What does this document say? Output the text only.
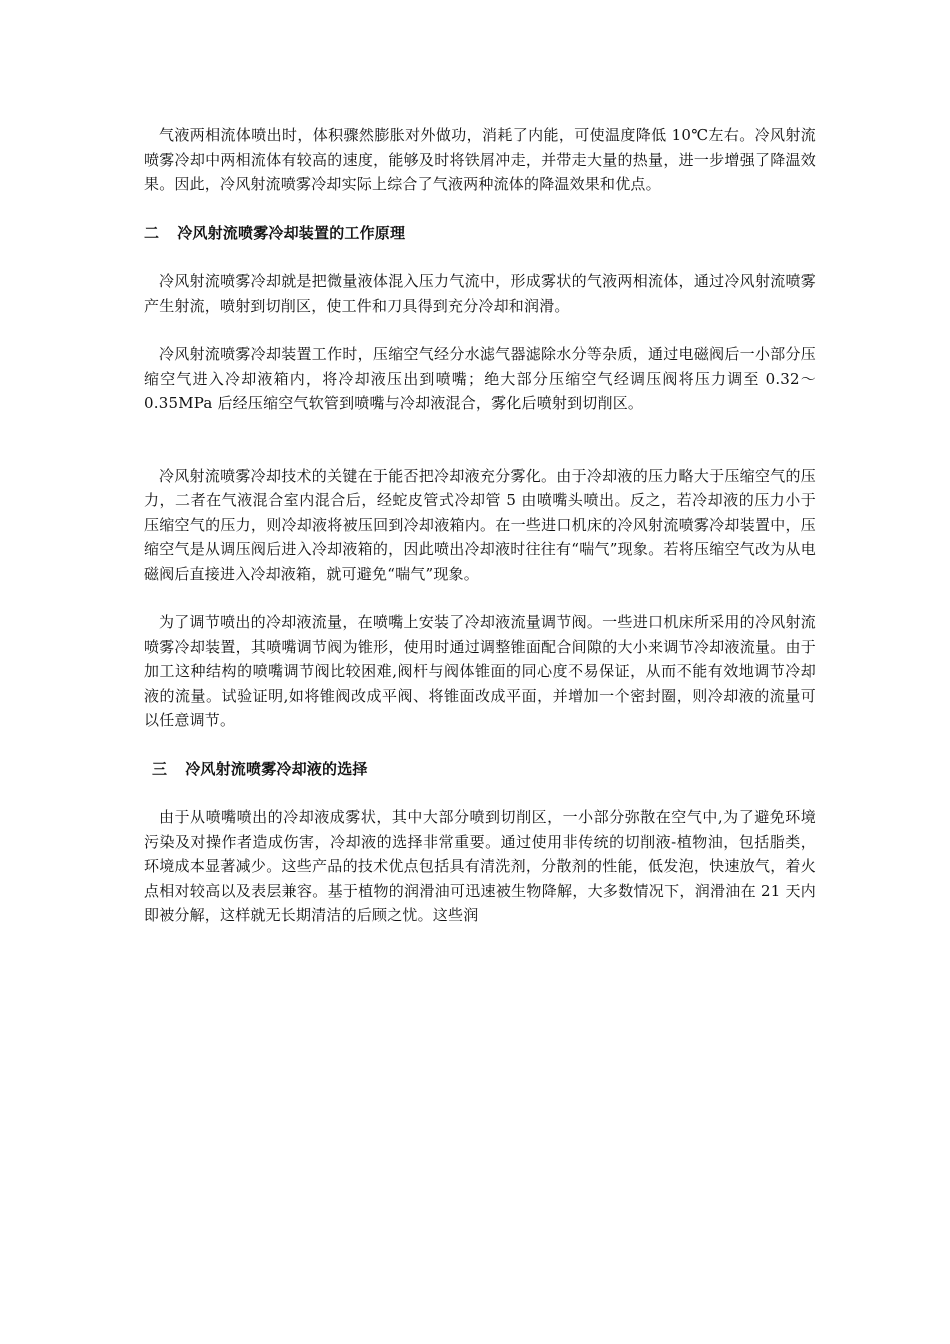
气液两相流体喷出时，体积骤然膨胀对外做功，消耗了内能，可使温度降低 10℃左右。冷风射流喷雾冷却中两相流体有较高的速度，能够及时将铁屑冲走，并带走大量的热量，进一步增强了降温效果。因此，冷风射流喷雾冷却实际上综合了气液两种流体的降温效果和优点。

二 冷风射流喷雾冷却装置的工作原理

冷风射流喷雾冷却就是把微量液体混入压力气流中，形成雾状的气液两相流体，通过冷风射流喷雾产生射流，喷射到切削区，使工件和刀具得到充分冷却和润滑。

冷风射流喷雾冷却装置工作时，压缩空气经分水滤气器滤除水分等杂质，通过电磁阀后一小部分压缩空气进入冷却液箱内，将冷却液压出到喷嘴；绝大部分压缩空气经调压阀将压力调至 0.32～0.35MPa 后经压缩空气软管到喷嘴与冷却液混合，雾化后喷射到切削区。

冷风射流喷雾冷却技术的关键在于能否把冷却液充分雾化。由于冷却液的压力略大于压缩空气的压力，二者在气液混合室内混合后，经蛇皮管式冷却管 5 由喷嘴头喷出。反之，若冷却液的压力小于压缩空气的压力，则冷却液将被压回到冷却液箱内。在一些进口机床的冷风射流喷雾冷却装置中，压缩空气是从调压阀后进入冷却液箱的，因此喷出冷却液时往往有“喘气”现象。若将压缩空气改为从电磁阀后直接进入冷却液箱，就可避免“喘气”现象。

为了调节喷出的冷却液流量，在喷嘴上安装了冷却液流量调节阀。一些进口机床所采用的冷风射流喷雾冷却装置，其喷嘴调节阀为锥形，使用时通过调整锥面配合间隙的大小来调节冷却液流量。由于加工这种结构的喷嘴调节阀比较困难,阀杆与阀体锥面的同心度不易保证，从而不能有效地调节冷却液的流量。试验证明,如将锥阀改成平阀、将锥面改成平面，并增加一个密封圈，则冷却液的流量可以任意调节。

三 冷风射流喷雾冷却液的选择

由于从喷嘴喷出的冷却液成雾状，其中大部分喷到切削区，一小部分弥散在空气中,为了避免环境污染及对操作者造成伤害，冷却液的选择非常重要。通过使用非传统的切削液-植物油，包括脂类，环境成本显著减少。这些产品的技术优点包括具有清洗剂，分散剂的性能，低发泡，快速放气，着火点相对较高以及表层兼容。基于植物的润滑油可迅速被生物降解，大多数情况下，润滑油在 21 天内即被分解，这样就无长期清洁的后顾之忧。这些润
